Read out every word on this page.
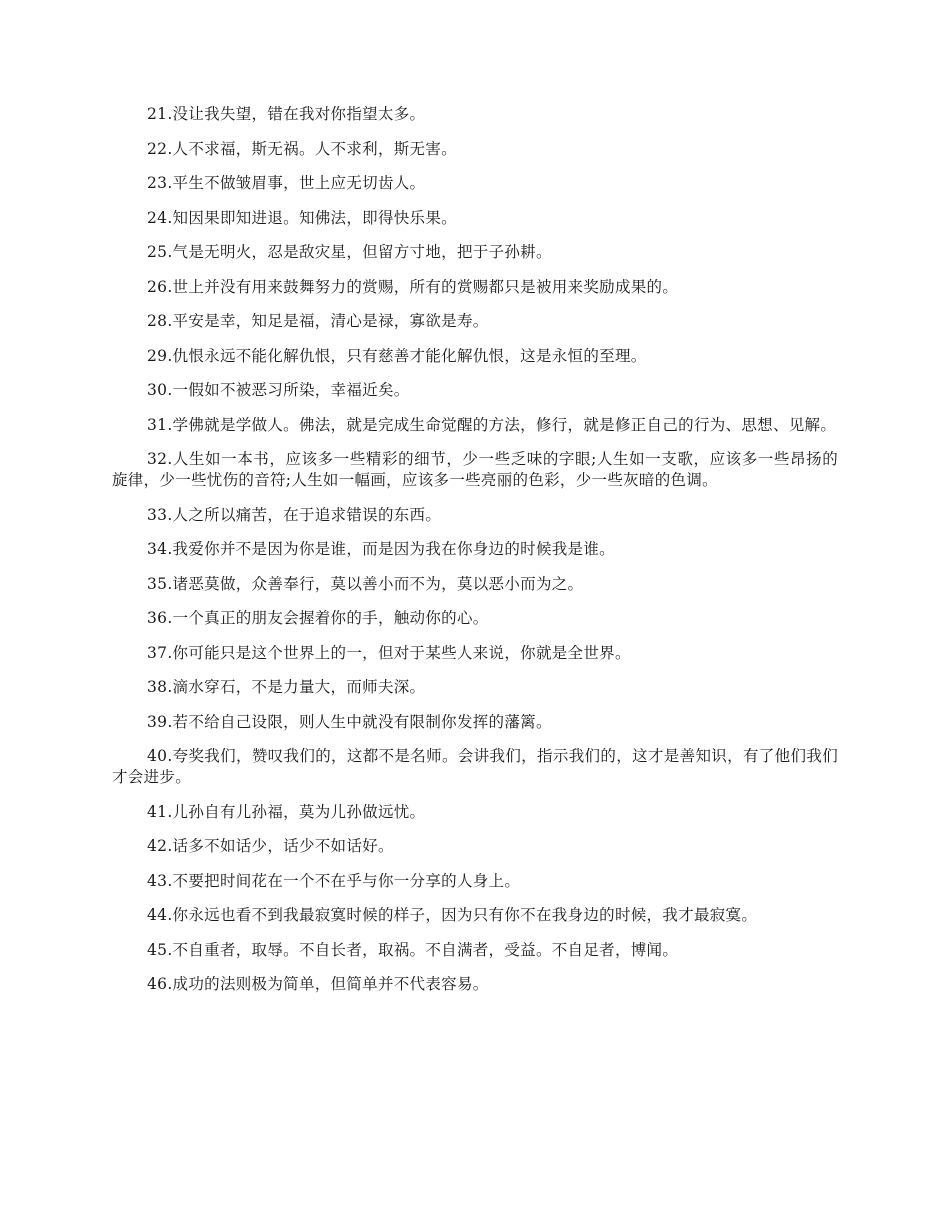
21.没让我失望，错在我对你指望太多。

22.人不求福，斯无祸。人不求利，斯无害。

23.平生不做皱眉事，世上应无切齿人。

24.知因果即知进退。知佛法，即得快乐果。

25.气是无明火，忍是敌灾星，但留方寸地，把于子孙耕。

26.世上并没有用来鼓舞努力的赏赐，所有的赏赐都只是被用来奖励成果的。

28.平安是幸，知足是福，清心是禄，寡欲是寿。

29.仇恨永远不能化解仇恨，只有慈善才能化解仇恨，这是永恒的至理。

30.一假如不被恶习所染，幸福近矣。

31.学佛就是学做人。佛法，就是完成生命觉醒的方法，修行，就是修正自己的行为、思想、见解。

32.人生如一本书，应该多一些精彩的细节，少一些乏味的字眼;人生如一支歌，应该多一些昂扬的旋律，少一些忧伤的音符;人生如一幅画，应该多一些亮丽的色彩，少一些灰暗的色调。

33.人之所以痛苦，在于追求错误的东西。

34.我爱你并不是因为你是谁，而是因为我在你身边的时候我是谁。

35.诸恶莫做，众善奉行，莫以善小而不为，莫以恶小而为之。

36.一个真正的朋友会握着你的手，触动你的心。

37.你可能只是这个世界上的一，但对于某些人来说，你就是全世界。

38.滴水穿石，不是力量大，而师夫深。

39.若不给自己设限，则人生中就没有限制你发挥的藩篱。

40.夸奖我们，赞叹我们的，这都不是名师。会讲我们，指示我们的，这才是善知识，有了他们我们才会进步。

41.儿孙自有儿孙福，莫为儿孙做远忧。

42.话多不如话少，话少不如话好。

43.不要把时间花在一个不在乎与你一分享的人身上。

44.你永远也看不到我最寂寞时候的样子，因为只有你不在我身边的时候，我才最寂寞。

45.不自重者，取辱。不自长者，取祸。不自满者，受益。不自足者，博闻。

46.成功的法则极为简单，但简单并不代表容易。
